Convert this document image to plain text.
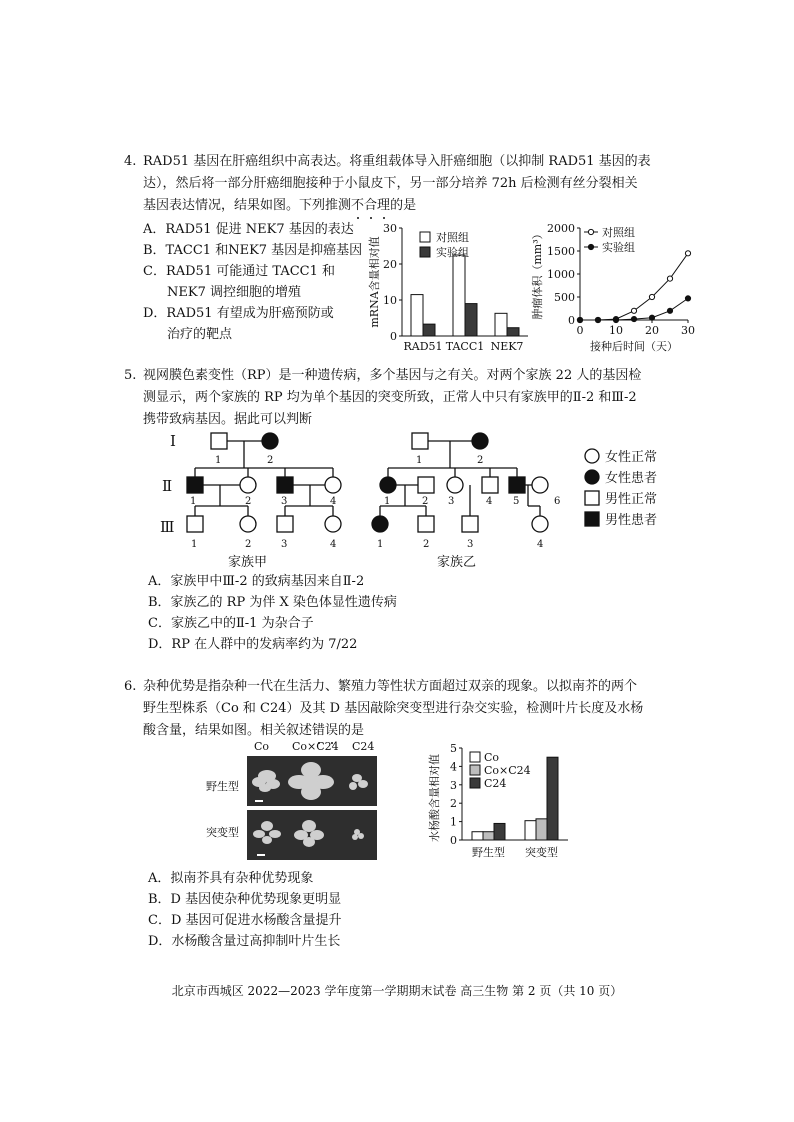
4. RAD51 基因在肝癌组织中高表达。将重组载体导入肝癌细胞（以抑制 RAD51 基因的表
达），然后将一部分肝癌细胞接种于小鼠皮下，另一部分培养 72h 后检测有丝分裂相关
基因表达情况，结果如图。下列推测不
合
理
的是
A．RAD51 促进 NEK7 基因的表达
B．TACC1 和NEK7 基因是抑癌基因
C．RAD51 可能通过 TACC1 和
NEK7 调控细胞的增殖
D．RAD51 有望成为肝癌预防或
治疗的靶点	0
10
20
30
mRNA含量相对值
RAD51 TACC1 NEK7
对照组
实验组
0
500
1000
1500
2000
0 10 20 30
肿瘤体积（mm³）
接种后时间（天）
对照组
实验组
5. 视网膜色素变性（RP）是一种遗传病，多个基因与之有关。对两个家族 22 人的基因检
测显示，两个家族的 RP 均为单个基因的突变所致，正常人中只有家族甲的Ⅱ-2 和Ⅲ-2
携带致病基因。据此可以判断
I
Ⅱ
Ⅲ
1	2
1	2	3	4
1	2	3	4
家族甲
1	2
1	2 3	4 5	6
1	2	3	4
家族乙
女性正常
女性患者
男性正常
男性患者
A．家族甲中Ⅲ-2 的致病基因来自Ⅱ-2
B．家族乙的 RP 为伴 X 染色体显性遗传病
C．家族乙中的Ⅱ-1 为杂合子
D．RP 在人群中的发病率约为 7/22
6. 杂种优势是指杂种一代在生活力、繁殖力等性状方面超过双亲的现象。以拟南芥的两个
野生型株系（Co 和 C24）及其 D 基因敲除突变型进行杂交实验，检测叶片长度及水杨
酸含量，结果如图。相关叙述错
误
的是
Co Co×C24 C24
野生型
突变型
0
1
2
3
4
5
水杨酸含量相对值
野生型 突变型
Co
Co×C24
C24
A．拟南芥具有杂种优势现象
B．D 基因使杂种优势现象更明显
C．D 基因可促进水杨酸含量提升
D．水杨酸含量过高抑制叶片生长
北京市西城区 2022—2023 学年度第一学期期末试卷 高三生物 第 2 页（共 10 页）
